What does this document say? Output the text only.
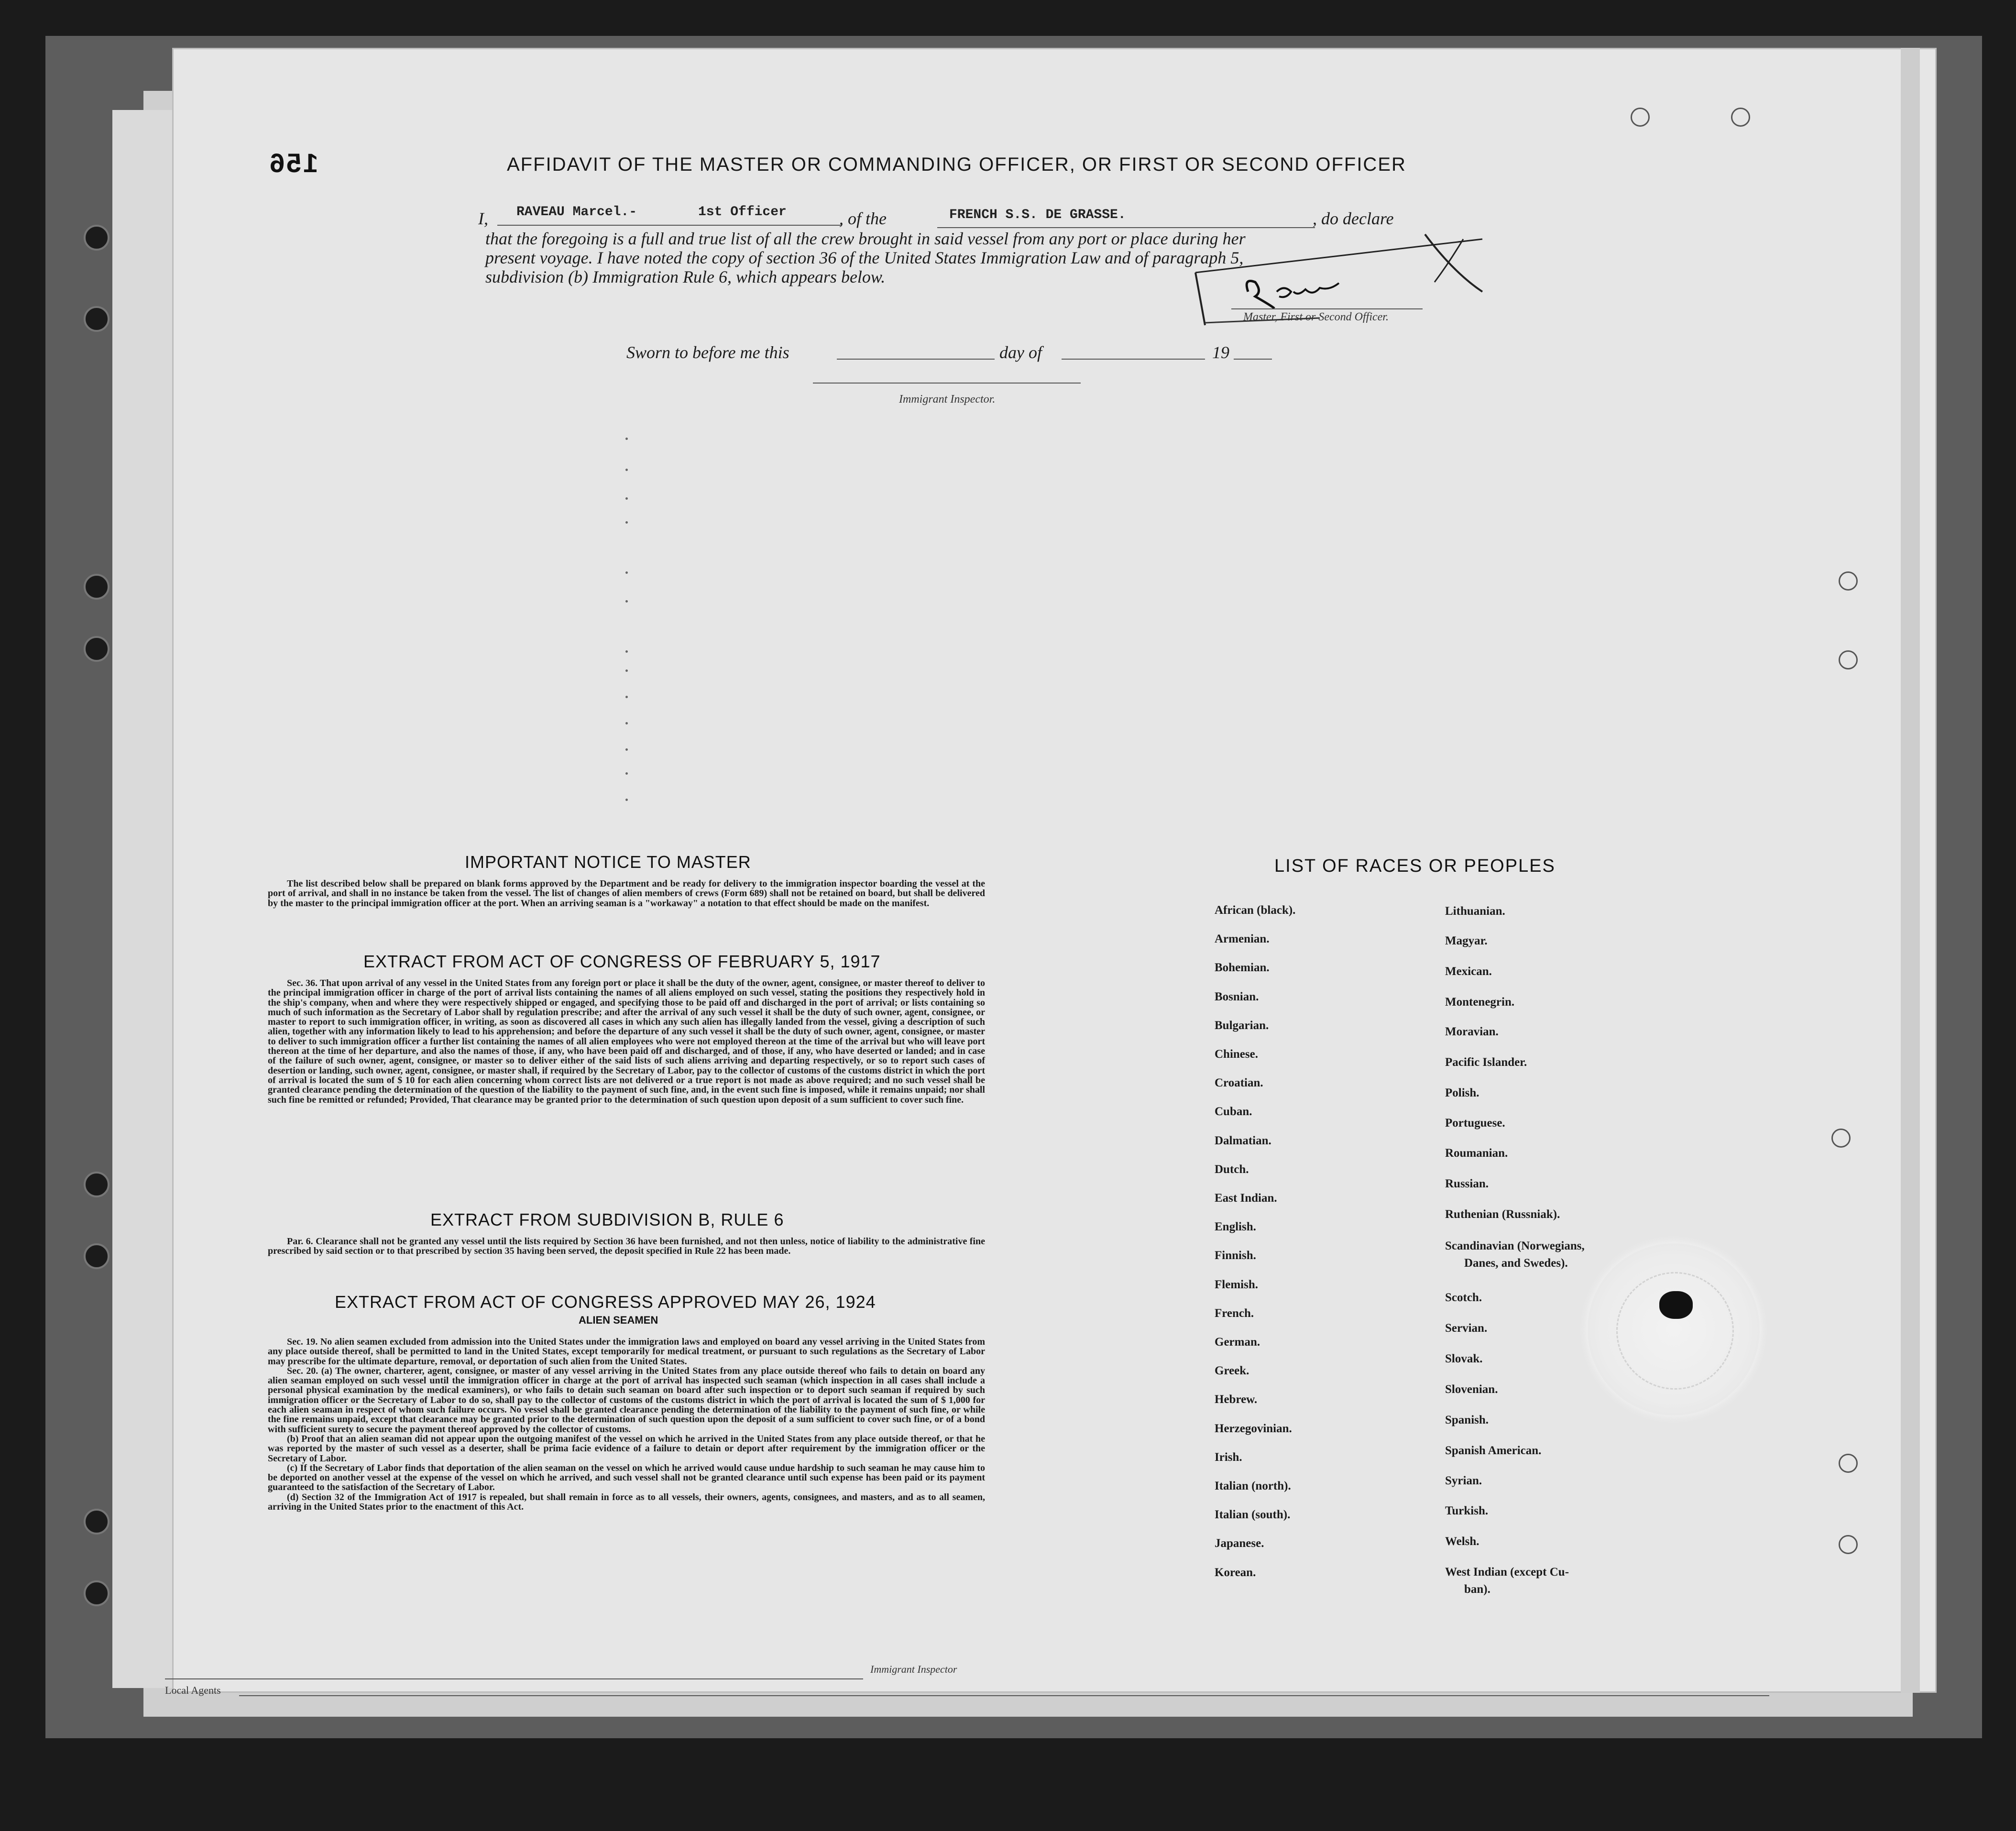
156	AFFIDAVIT OF THE MASTER OR COMMANDING OFFICER, OR FIRST OR SECOND OFFICER
I, RAVEAU Marcel.-	1st Officer	, of the	FRENCH S.S. DE GRASSE.	, do declare
that the foregoing is a full and true list of all the crew brought in said vessel from any port or place during her
present voyage. I have noted the copy of section 36 of the United States Immigration Law and of paragraph 5,
subdivision (b) Immigration Rule 6, which appears below.
Master, First or Second Officer.
Sworn to before me this	day of	19
Immigrant Inspector.
IMPORTANT NOTICE TO MASTER

The list described below shall be prepared on blank forms approved by the Department and be ready for delivery to the immigration inspector boarding the vessel at the port of arrival, and shall in no instance be taken from the vessel. The list of changes of alien members of crews (Form 689) shall not be retained on board, but shall be delivered by the master to the principal immigration officer at the port. When an arriving seaman is a "workaway" a notation to that effect should be made on the manifest.

EXTRACT FROM ACT OF CONGRESS OF FEBRUARY 5, 1917

Sec. 36. That upon arrival of any vessel in the United States from any foreign port or place it shall be the duty of the owner, agent, consignee, or master thereof to deliver to the principal immigration officer in charge of the port of arrival lists containing the names of all aliens employed on such vessel, stating the positions they respectively hold in the ship's company, when and where they were respectively shipped or engaged, and specifying those to be paid off and discharged in the port of arrival; or lists containing so much of such information as the Secretary of Labor shall by regulation prescribe; and after the arrival of any such vessel it shall be the duty of such owner, agent, consignee, or master to report to such immigration officer, in writing, as soon as discovered all cases in which any such alien has illegally landed from the vessel, giving a description of such alien, together with any information likely to lead to his apprehension; and before the departure of any such vessel it shall be the duty of such owner, agent, consignee, or master to deliver to such immigration officer a further list containing the names of all alien employees who were not employed thereon at the time of the arrival but who will leave port thereon at the time of her departure, and also the names of those, if any, who have been paid off and discharged, and of those, if any, who have deserted or landed; and in case of the failure of such owner, agent, consignee, or master so to deliver either of the said lists of such aliens arriving and departing respectively, or so to report such cases of desertion or landing, such owner, agent, consignee, or master shall, if required by the Secretary of Labor, pay to the collector of customs of the customs district in which the port of arrival is located the sum of $ 10 for each alien concerning whom correct lists are not delivered or a true report is not made as above required; and no such vessel shall be granted clearance pending the determination of the question of the liability to the payment of such fine, and, in the event such fine is imposed, while it remains unpaid; nor shall such fine be remitted or refunded; Provided, That clearance may be granted prior to the determination of such question upon deposit of a sum sufficient to cover such fine.

EXTRACT FROM SUBDIVISION B, RULE 6

Par. 6. Clearance shall not be granted any vessel until the lists required by Section 36 have been furnished, and not then unless, notice of liability to the administrative fine prescribed by said section or to that prescribed by section 35 having been served, the deposit specified in Rule 22 has been made.

EXTRACT FROM ACT OF CONGRESS APPROVED MAY 26, 1924
ALIEN SEAMEN

Sec. 19. No alien seamen excluded from admission into the United States under the immigration laws and employed on board any vessel arriving in the United States from any place outside thereof, shall be permitted to land in the United States, except temporarily for medical treatment, or pursuant to such regulations as the Secretary of Labor may prescribe for the ultimate departure, removal, or deportation of such alien from the United States.

Sec. 20. (a) The owner, charterer, agent, consignee, or master of any vessel arriving in the United States from any place outside thereof who fails to detain on board any alien seaman employed on such vessel until the immigration officer in charge at the port of arrival has inspected such seaman (which inspection in all cases shall include a personal physical examination by the medical examiners), or who fails to detain such seaman on board after such inspection or to deport such seaman if required by such immigration officer or the Secretary of Labor to do so, shall pay to the collector of customs of the customs district in which the port of arrival is located the sum of $ 1,000 for each alien seaman in respect of whom such failure occurs. No vessel shall be granted clearance pending the determination of the liability to the payment of such fine, or while the fine remains unpaid, except that clearance may be granted prior to the determination of such question upon the deposit of a sum sufficient to cover such fine, or of a bond with sufficient surety to secure the payment thereof approved by the collector of customs.

(b) Proof that an alien seaman did not appear upon the outgoing manifest of the vessel on which he arrived in the United States from any place outside thereof, or that he was reported by the master of such vessel as a deserter, shall be prima facie evidence of a failure to detain or deport after requirement by the immigration officer or the Secretary of Labor.

(c) If the Secretary of Labor finds that deportation of the alien seaman on the vessel on which he arrived would cause undue hardship to such seaman he may cause him to be deported on another vessel at the expense of the vessel on which he arrived, and such vessel shall not be granted clearance until such expense has been paid or its payment guaranteed to the satisfaction of the Secretary of Labor.

(d) Section 32 of the Immigration Act of 1917 is repealed, but shall remain in force as to all vessels, their owners, agents, consignees, and masters, and as to all seamen, arriving in the United States prior to the enactment of this Act.

LIST OF RACES OR PEOPLES
African (black).
Armenian.
Bohemian.
Bosnian.
Bulgarian.
Chinese.
Croatian.
Cuban.
Dalmatian.
Dutch.
East Indian.
English.
Finnish.
Flemish.
French.
German.
Greek.
Hebrew.
Herzegovinian.
Irish.
Italian (north).
Italian (south).
Japanese.
Korean.
Lithuanian.
Magyar.
Mexican.
Montenegrin.
Moravian.
Pacific Islander.
Polish.
Portuguese.
Roumanian.
Russian.
Ruthenian (Russniak).
Scandinavian (Norwegians,
Danes, and Swedes).
Scotch.
Servian.
Slovak.
Slovenian.
Spanish.
Spanish American.
Syrian.
Turkish.
Welsh.
West Indian (except Cu-
ban).
Immigrant Inspector
Local Agents
